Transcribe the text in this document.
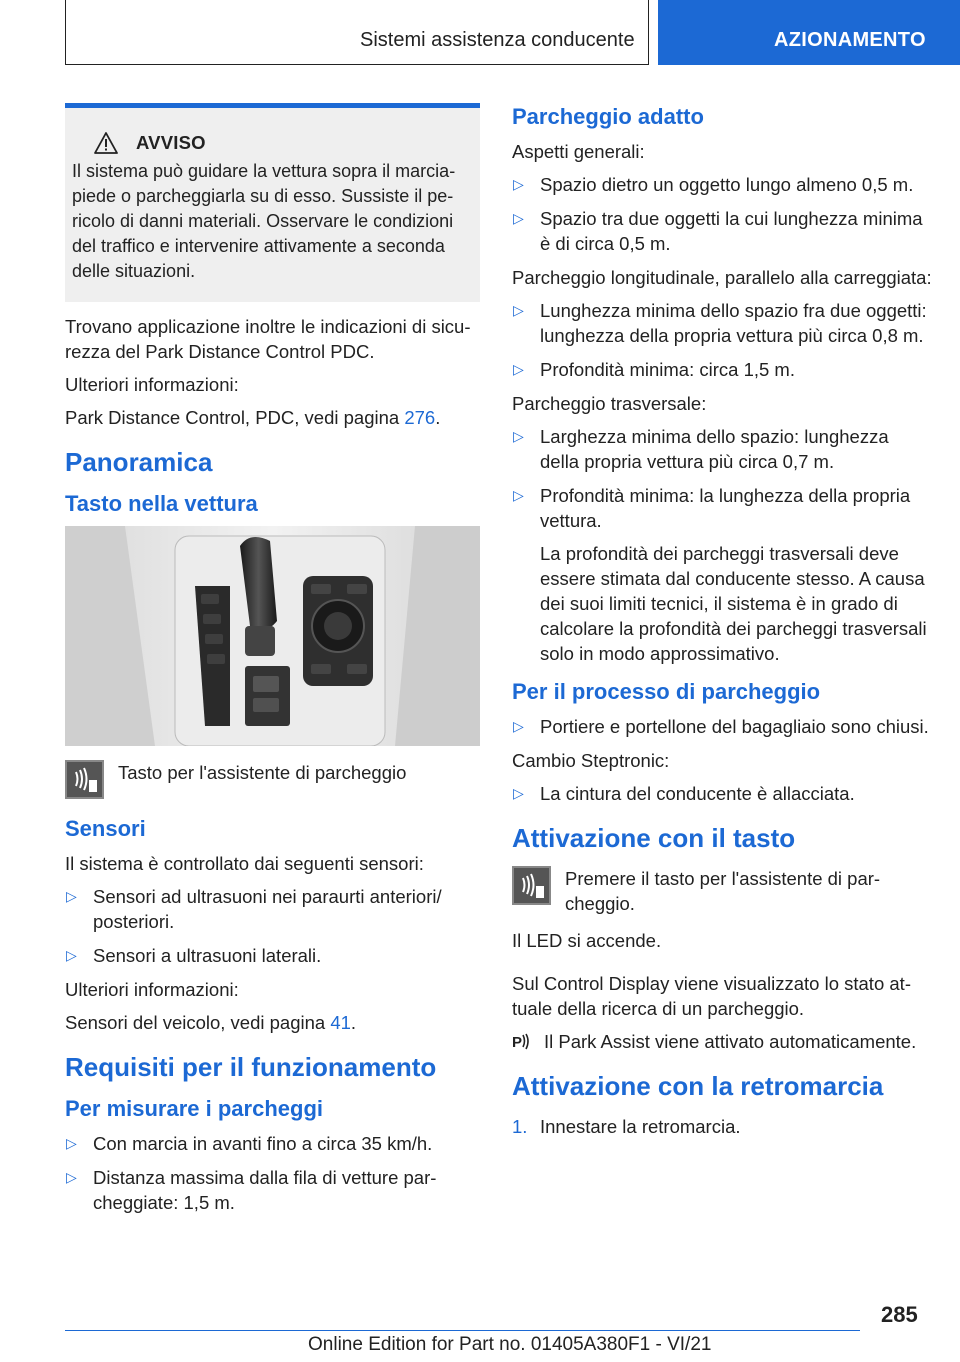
Sistemi assistenza conducente	AZIONAMENTO
AVVISO
Il sistema può guidare la vettura sopra il marciapiede o parcheggiarla su di esso. Sussiste il pericolo di danni materiali. Osservare le condizioni del traffico e intervenire attivamente a seconda delle situazioni.

Trovano applicazione inoltre le indicazioni di sicurezza del Park Distance Control PDC.

Ulteriori informazioni:

Park Distance Control, PDC, vedi pagina 276.

Panoramica
Tasto nella vettura
Tasto per l'assistente di parcheggio
Sensori

Il sistema è controllato dai seguenti sensori:

▷ Sensori ad ultrasuoni nei paraurti anteriori/ posteriori.
▷ Sensori a ultrasuoni laterali.

Ulteriori informazioni:

Sensori del veicolo, vedi pagina 41.

Requisiti per il funzionamento
Per misurare i parcheggi
▷ Con marcia in avanti fino a circa 35 km/h.
▷ Distanza massima dalla fila di vetture parcheggiate: 1,5 m.
Parcheggio adatto

Aspetti generali:

▷ Spazio dietro un oggetto lungo almeno 0,5 m.
▷ Spazio tra due oggetti la cui lunghezza minima è di circa 0,5 m.

Parcheggio longitudinale, parallelo alla carreggiata:

▷ Lunghezza minima dello spazio fra due oggetti: lunghezza della propria vettura più circa 0,8 m.
▷ Profondità minima: circa 1,5 m.

Parcheggio trasversale:

▷ Larghezza minima dello spazio: lunghezza della propria vettura più circa 0,7 m.
▷ Profondità minima: la lunghezza della propria vettura.
La profondità dei parcheggi trasversali deve essere stimata dal conducente stesso. A causa dei suoi limiti tecnici, il sistema è in grado di calcolare la profondità dei parcheggi trasversali solo in modo approssimativo.
Per il processo di parcheggio
▷ Portiere e portellone del bagagliaio sono chiusi.

Cambio Steptronic:

▷ La cintura del conducente è allacciata.
Attivazione con il tasto
Premere il tasto per l'assistente di parcheggio.

Il LED si accende.

Sul Control Display viene visualizzato lo stato attuale della ricerca di un parcheggio.

P Il Park Assist viene attivato automaticamente.

Attivazione con la retromarcia
1. Innestare la retromarcia.
285
Online Edition for Part no. 01405A380F1 - VI/21
